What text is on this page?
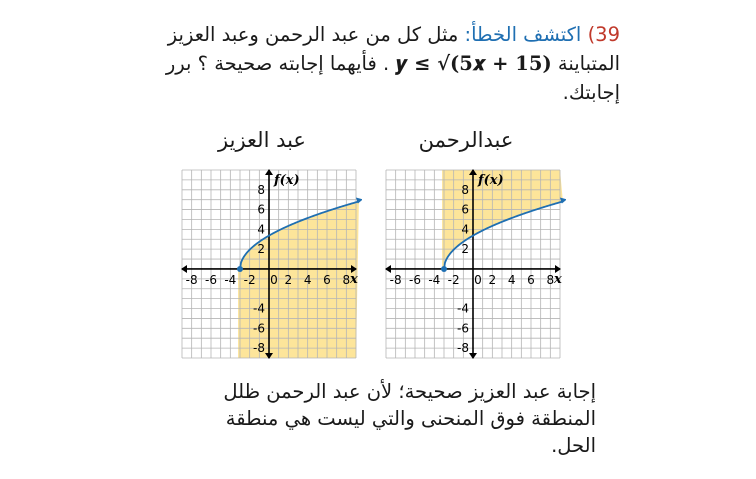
39) اكتشف الخطأ: مثل كل من عبد الرحمن وعبد العزيز المتباينة 𝒚 ≤ √(𝟓𝒙 + 𝟏𝟓) . فأيهما إجابته صحيحة ؟ برر إجابتك.
عبد العزيز	عبدالرحمن
-8 -6 -4 -2 0 2 4 6 8
8
6
4
2
-4
-6
-8
x
f(x)
-8 -6 -4 -2 0 2 4 6 8
8
6
4
2
-4
-6
-8
x
f(x)
إجابة عبد العزيز صحيحة؛ لأن عبد الرحمن ظلل المنطقة فوق المنحنى والتي ليست هي منطقة الحل.
